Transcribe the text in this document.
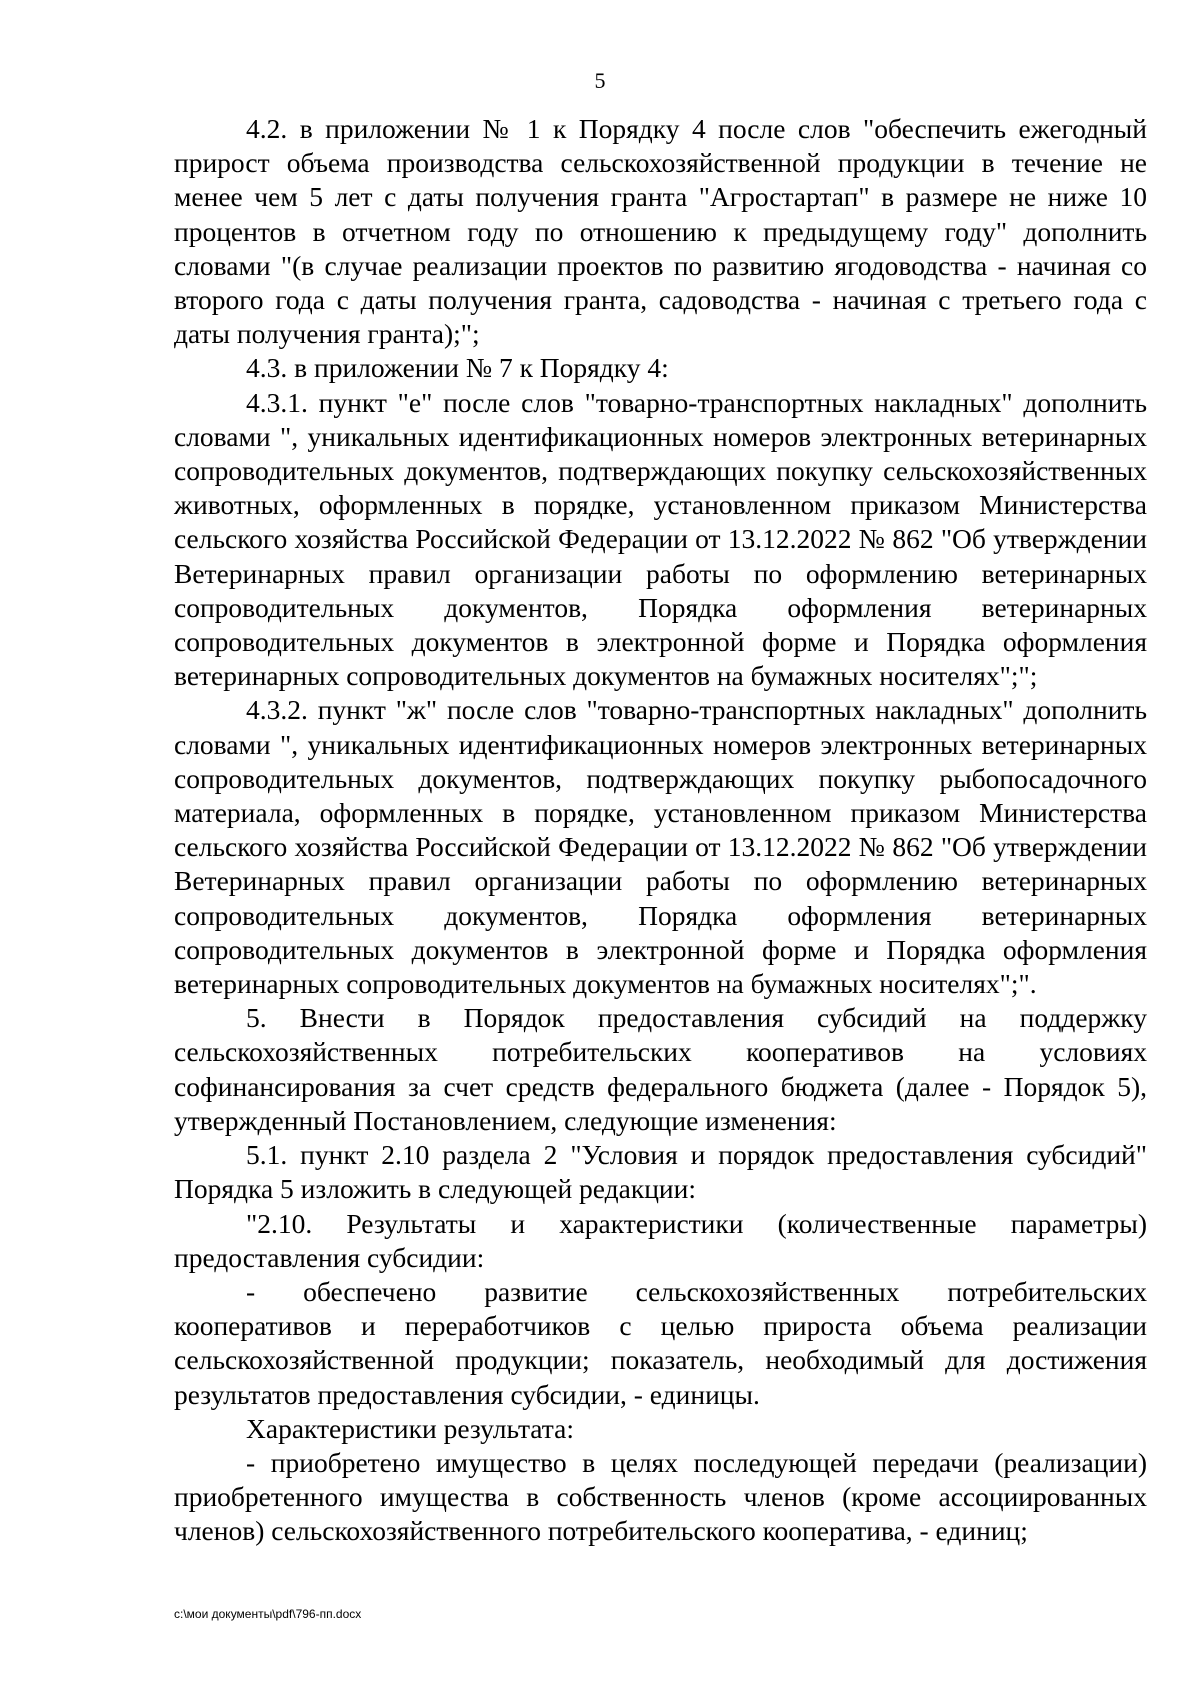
5

4.2. в приложении № 1 к Порядку 4 после слов "обеспечить ежегодный прирост объема производства сельскохозяйственной продукции в течение не менее чем 5 лет с даты получения гранта "Агростартап" в размере не ниже 10 процентов в отчетном году по отношению к предыдущему году" дополнить словами "(в случае реализации проектов по развитию ягодоводства - начиная со второго года с даты получения гранта, садоводства - начиная с третьего года с даты получения гранта);";

4.3. в приложении № 7 к Порядку 4:

4.3.1. пункт "е" после слов "товарно-транспортных накладных" дополнить словами ", уникальных идентификационных номеров электронных ветеринарных сопроводительных документов, подтверждающих покупку сельскохозяйственных животных, оформленных в порядке, установленном приказом Министерства сельского хозяйства Российской Федерации от 13.12.2022 № 862 "Об утверждении Ветеринарных правил организации работы по оформлению ветеринарных сопроводительных документов, Порядка оформления ветеринарных сопроводительных документов в электронной форме и Порядка оформления ветеринарных сопроводительных документов на бумажных носителях";";

4.3.2. пункт "ж" после слов "товарно-транспортных накладных" дополнить словами ", уникальных идентификационных номеров электронных ветеринарных сопроводительных документов, подтверждающих покупку рыбопосадочного материала, оформленных в порядке, установленном приказом Министерства сельского хозяйства Российской Федерации от 13.12.2022 № 862 "Об утверждении Ветеринарных правил организации работы по оформлению ветеринарных сопроводительных документов, Порядка оформления ветеринарных сопроводительных документов в электронной форме и Порядка оформления ветеринарных сопроводительных документов на бумажных носителях";".

5. Внести в Порядок предоставления субсидий на поддержку сельскохозяйственных потребительских кооперативов на условиях софинансирования за счет средств федерального бюджета (далее - Порядок 5), утвержденный Постановлением, следующие изменения:

5.1. пункт 2.10 раздела 2 "Условия и порядок предоставления субсидий" Порядка 5 изложить в следующей редакции:

"2.10. Результаты и характеристики (количественные параметры) предоставления субсидии:

- обеспечено развитие сельскохозяйственных потребительских кооперативов и переработчиков с целью прироста объема реализации сельскохозяйственной продукции; показатель, необходимый для достижения результатов предоставления субсидии, - единицы.

Характеристики результата:

- приобретено имущество в целях последующей передачи (реализации) приобретенного имущества в собственность членов (кроме ассоциированных членов) сельскохозяйственного потребительского кооператива, - единиц;

c:\мои документы\pdf\796-пп.docx
